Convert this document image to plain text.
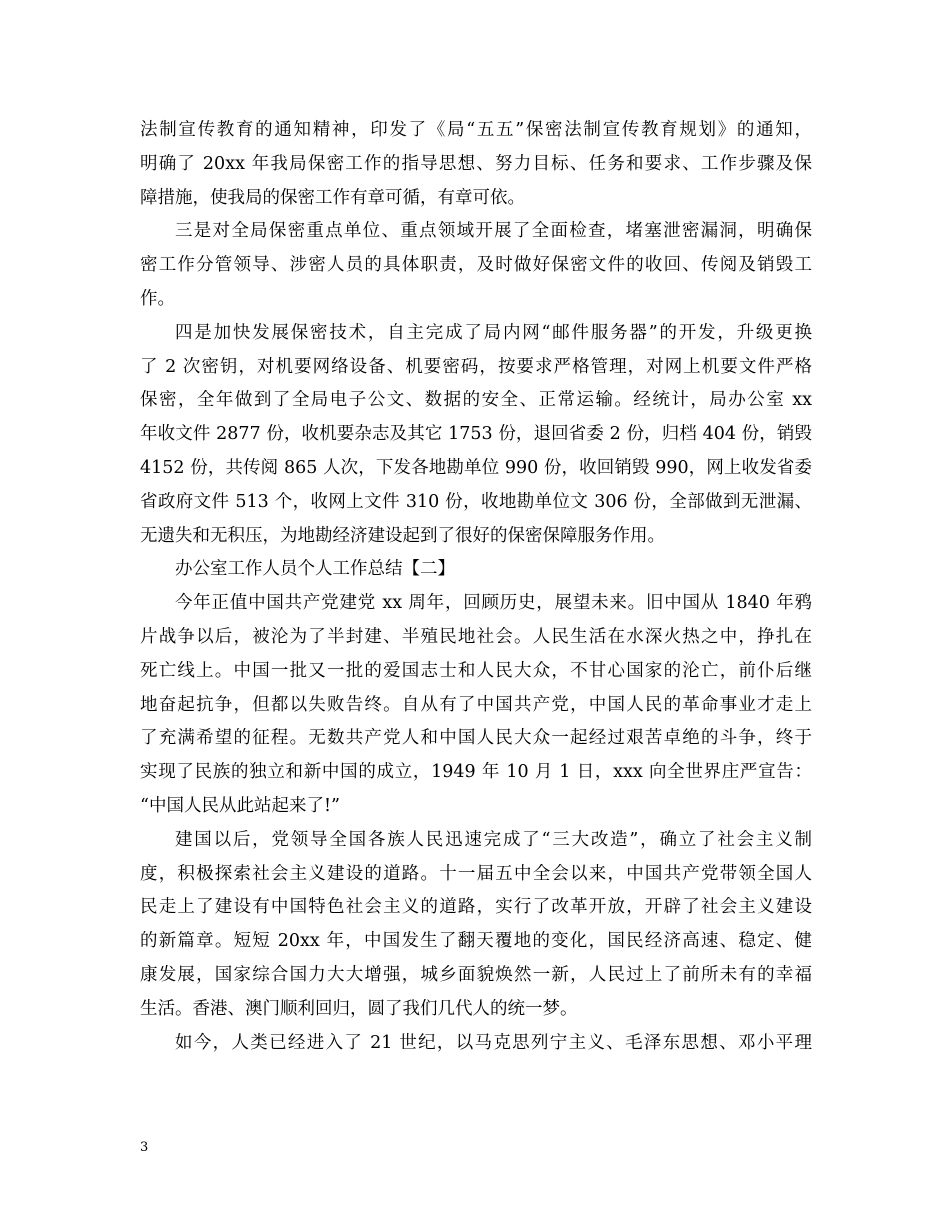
法制宣传教育的通知精神，印发了《局“五五”保密法制宣传教育规划》的通知，
明确了 20xx 年我局保密工作的指导思想、努力目标、任务和要求、工作步骤及保
障措施，使我局的保密工作有章可循，有章可依。
三是对全局保密重点单位、重点领域开展了全面检查，堵塞泄密漏洞，明确保
密工作分管领导、涉密人员的具体职责，及时做好保密文件的收回、传阅及销毁工
作。
四是加快发展保密技术，自主完成了局内网“邮件服务器”的开发，升级更换
了 2 次密钥，对机要网络设备、机要密码，按要求严格管理，对网上机要文件严格
保密，全年做到了全局电子公文、数据的安全、正常运输。经统计，局办公室 xx
年收文件 2877 份，收机要杂志及其它 1753 份，退回省委 2 份，归档 404 份，销毁
4152 份，共传阅 865 人次，下发各地勘单位 990 份，收回销毁 990，网上收发省委
省政府文件 513 个，收网上文件 310 份，收地勘单位文 306 份，全部做到无泄漏、
无遗失和无积压，为地勘经济建设起到了很好的保密保障服务作用。
办公室工作人员个人工作总结【二】
今年正值中国共产党建党 xx 周年，回顾历史，展望未来。旧中国从 1840 年鸦
片战争以后，被沦为了半封建、半殖民地社会。人民生活在水深火热之中，挣扎在
死亡线上。中国一批又一批的爱国志士和人民大众，不甘心国家的沦亡，前仆后继
地奋起抗争，但都以失败告终。自从有了中国共产党，中国人民的革命事业才走上
了充满希望的征程。无数共产党人和中国人民大众一起经过艰苦卓绝的斗争，终于
实现了民族的独立和新中国的成立，1949 年 10 月 1 日，xxx 向全世界庄严宣告：
“中国人民从此站起来了!”
建国以后，党领导全国各族人民迅速完成了“三大改造”，确立了社会主义制
度，积极探索社会主义建设的道路。十一届五中全会以来，中国共产党带领全国人
民走上了建设有中国特色社会主义的道路，实行了改革开放，开辟了社会主义建设
的新篇章。短短 20xx 年，中国发生了翻天覆地的变化，国民经济高速、稳定、健
康发展，国家综合国力大大增强，城乡面貌焕然一新，人民过上了前所未有的幸福
生活。香港、澳门顺利回归，圆了我们几代人的统一梦。
如今，人类已经进入了 21 世纪，以马克思列宁主义、毛泽东思想、邓小平理
3
